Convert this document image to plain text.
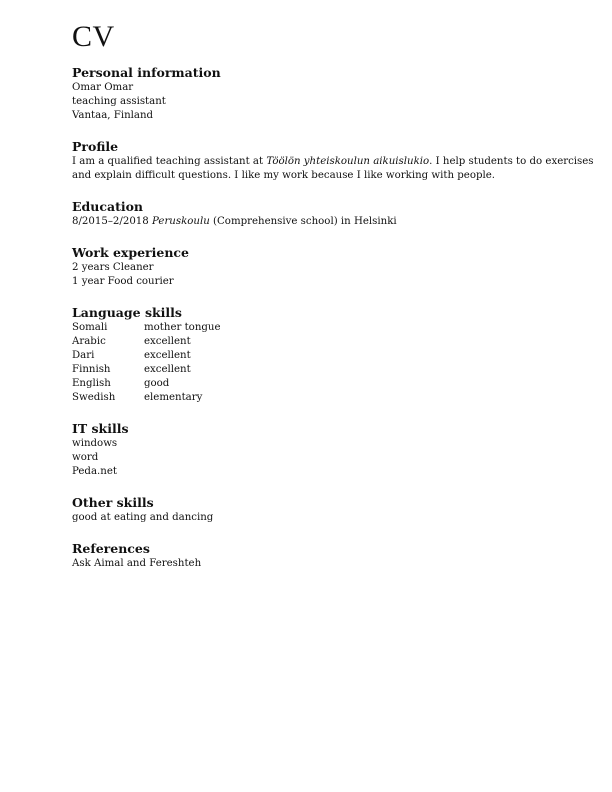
CV
Personal information
Omar Omar
teaching assistant
Vantaa, Finland
Profile
I am a qualified teaching assistant at Töölön yhteiskoulun aikuislukio. I help students to do exercises
and explain difficult questions. I like my work because I like working with people.
Education
8/2015–2/2018 Peruskoulu (Comprehensive school) in Helsinki
Work experience
2 years Cleaner
1 year Food courier
Language skills
Somali	mother tongue
Arabic	excellent
Dari	excellent
Finnish	excellent
English	good
Swedish	elementary
IT skills
windows
word
Peda.net
Other skills
good at eating and dancing
References
Ask Aimal and Fereshteh
